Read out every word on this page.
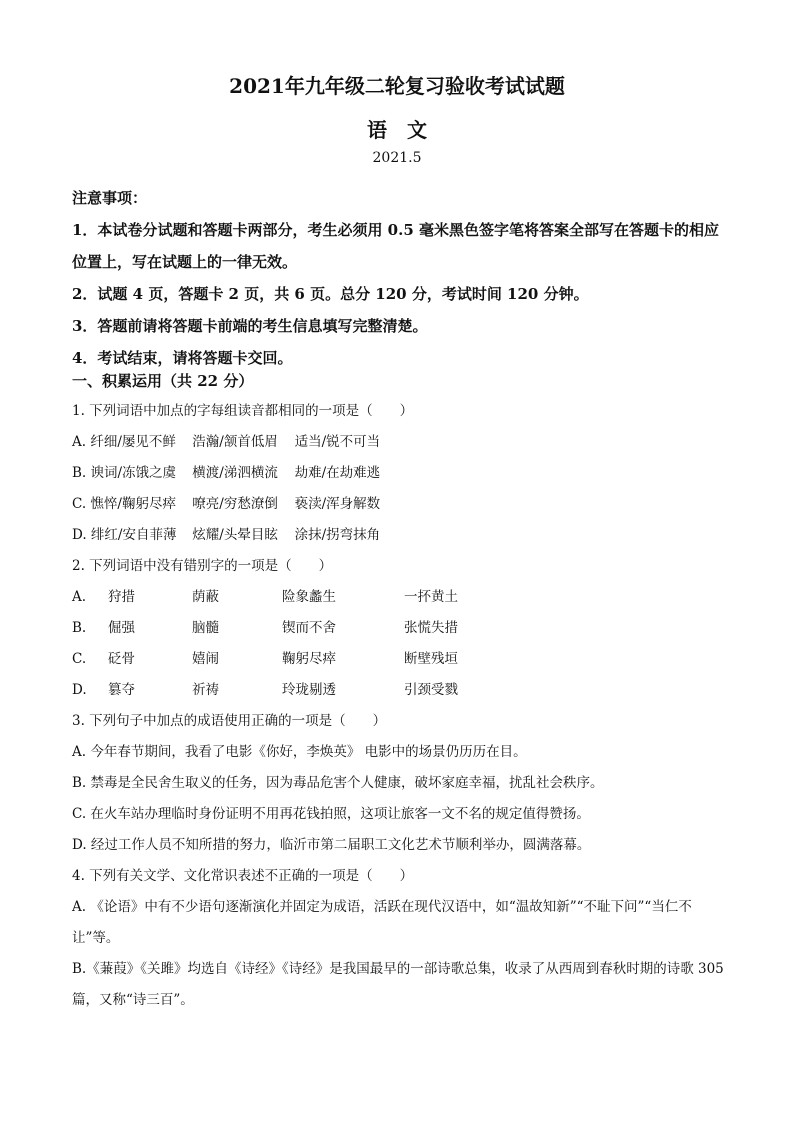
2021年九年级二轮复习验收考试试题
语　文
2021.5
注意事项：
1．本试卷分试题和答题卡两部分，考生必须用 0.5 毫米黑色签字笔将答案全部写在答题卡的相应位置上，写在试题上的一律无效。
2．试题 4 页，答题卡 2 页，共 6 页。总分 120 分，考试时间 120 分钟。
3．答题前请将答题卡前端的考生信息填写完整清楚。
4．考试结束，请将答题卡交回。
一、积累运用（共 22 分）
1. 下列词语中加点的字每组读音都相同的一项是（　　）
A. 纤细/屡见不鲜 浩瀚/颔首低眉 适当/锐不可当
B. 谀词/冻饿之虞 横渡/涕泗横流 劫难/在劫难逃
C. 憔悴/鞠躬尽瘁 嘹亮/穷愁潦倒 亵渎/浑身解数
D. 绯红/安自菲薄 炫耀/头晕目眩 涂抹/拐弯抹角
2. 下列词语中没有错别字的一项是（　　）
A. 狩措	荫蔽	险象蠡生	一抔黄土
B. 倔强	脑髓	锲而不舍	张慌失措
C. 砭骨	嬉闹	鞠躬尽瘁	断壁残垣
D. 篡夺	祈祷	玲珑剔透	引颈受戮
3. 下列句子中加点的成语使用正确的一项是（　　）
A. 今年春节期间，我看了电影《你好，李焕英》 电影中的场景仍历历在目。
B. 禁毒是全民舍生取义的任务，因为毒品危害个人健康，破坏家庭幸福，扰乱社会秩序。
C. 在火车站办理临时身份证明不用再花钱拍照，这项让旅客一文不名的规定值得赞扬。
D. 经过工作人员不知所措的努力，临沂市第二届职工文化艺术节顺利举办，圆满落幕。
4. 下列有关文学、文化常识表述不正确的一项是（　　）
A. 《论语》中有不少语句逐渐演化并固定为成语，活跃在现代汉语中，如“温故知新”“不耻下问”“当仁不让”等。
B.《蒹葭》《关雎》均选自《诗经》《诗经》是我国最早的一部诗歌总集，收录了从西周到春秋时期的诗歌 305 篇，又称“诗三百”。
